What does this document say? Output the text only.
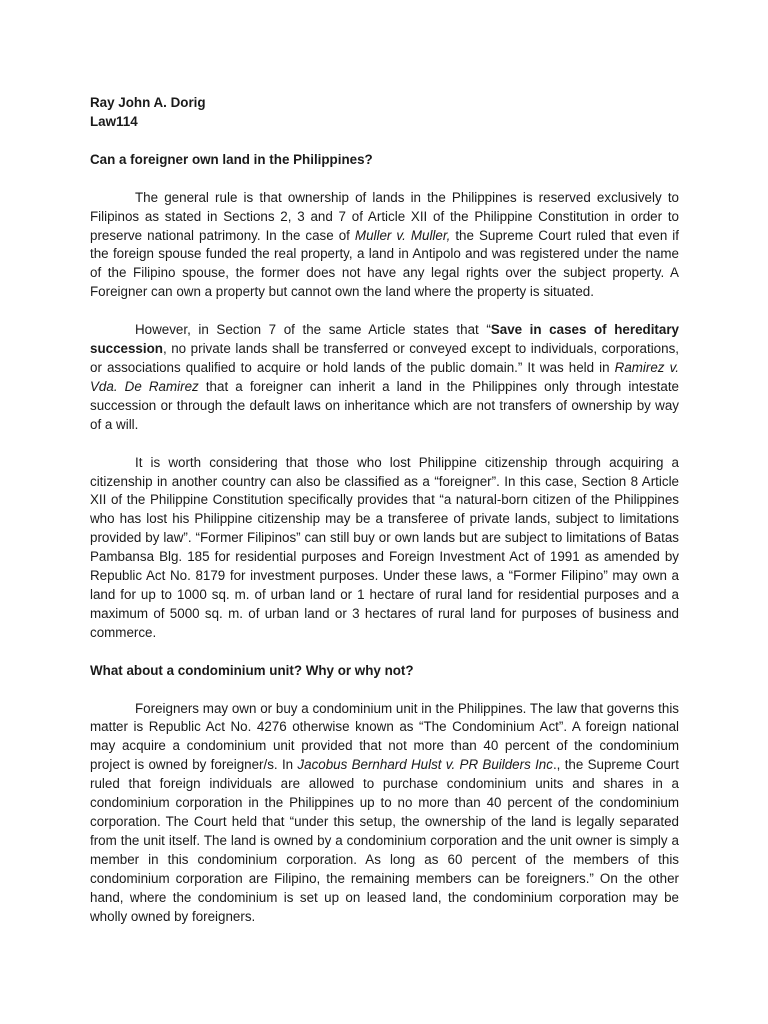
Ray John A. Dorig

Law114

Can a foreigner own land in the Philippines?

The general rule is that ownership of lands in the Philippines is reserved exclusively to Filipinos as stated in Sections 2, 3 and 7 of Article XII of the Philippine Constitution in order to preserve national patrimony. In the case of Muller v. Muller, the Supreme Court ruled that even if the foreign spouse funded the real property, a land in Antipolo and was registered under the name of the Filipino spouse, the former does not have any legal rights over the subject property. A Foreigner can own a property but cannot own the land where the property is situated.

However, in Section 7 of the same Article states that “Save in cases of hereditary succession, no private lands shall be transferred or conveyed except to individuals, corporations, or associations qualified to acquire or hold lands of the public domain.” It was held in Ramirez v. Vda. De Ramirez that a foreigner can inherit a land in the Philippines only through intestate succession or through the default laws on inheritance which are not transfers of ownership by way of a will.

It is worth considering that those who lost Philippine citizenship through acquiring a citizenship in another country can also be classified as a “foreigner”. In this case, Section 8 Article XII of the Philippine Constitution specifically provides that “a natural-born citizen of the Philippines who has lost his Philippine citizenship may be a transferee of private lands, subject to limitations provided by law”. “Former Filipinos” can still buy or own lands but are subject to limitations of Batas Pambansa Blg. 185 for residential purposes and Foreign Investment Act of 1991 as amended by Republic Act No. 8179 for investment purposes. Under these laws, a “Former Filipino” may own a land for up to 1000 sq. m. of urban land or 1 hectare of rural land for residential purposes and a maximum of 5000 sq. m. of urban land or 3 hectares of rural land for purposes of business and commerce.

What about a condominium unit? Why or why not?

Foreigners may own or buy a condominium unit in the Philippines. The law that governs this matter is Republic Act No. 4276 otherwise known as “The Condominium Act”. A foreign national may acquire a condominium unit provided that not more than 40 percent of the condominium project is owned by foreigner/s. In Jacobus Bernhard Hulst v. PR Builders Inc., the Supreme Court ruled that foreign individuals are allowed to purchase condominium units and shares in a condominium corporation in the Philippines up to no more than 40 percent of the condominium corporation. The Court held that “under this setup, the ownership of the land is legally separated from the unit itself. The land is owned by a condominium corporation and the unit owner is simply a member in this condominium corporation. As long as 60 percent of the members of this condominium corporation are Filipino, the remaining members can be foreigners.” On the other hand, where the condominium is set up on leased land, the condominium corporation may be wholly owned by foreigners.
